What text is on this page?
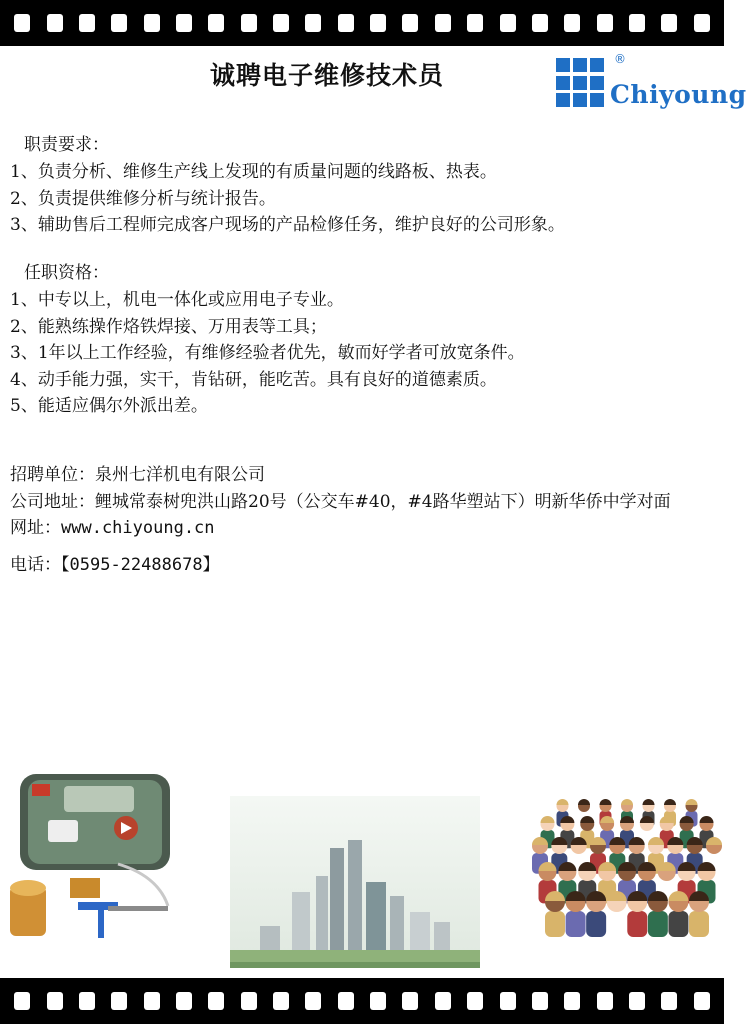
诚聘电子维修技术员
®
Chiyoung
职责要求：
1、负责分析、维修生产线上发现的有质量问题的线路板、热表。
2、负责提供维修分析与统计报告。
3、辅助售后工程师完成客户现场的产品检修任务，维护良好的公司形象。
任职资格：
1、中专以上，机电一体化或应用电子专业。
2、能熟练操作烙铁焊接、万用表等工具；
3、1年以上工作经验，有维修经验者优先，敏而好学者可放宽条件。
4、动手能力强，实干，肯钻研，能吃苦。具有良好的道德素质。
5、能适应偶尔外派出差。
招聘单位：泉州七洋机电有限公司
公司地址：鲤城常泰树兜洪山路20号（公交车#40，#4路华塑站下）明新华侨中学对面
网址：www.chiyoung.cn
电话：【0595-22488678】
